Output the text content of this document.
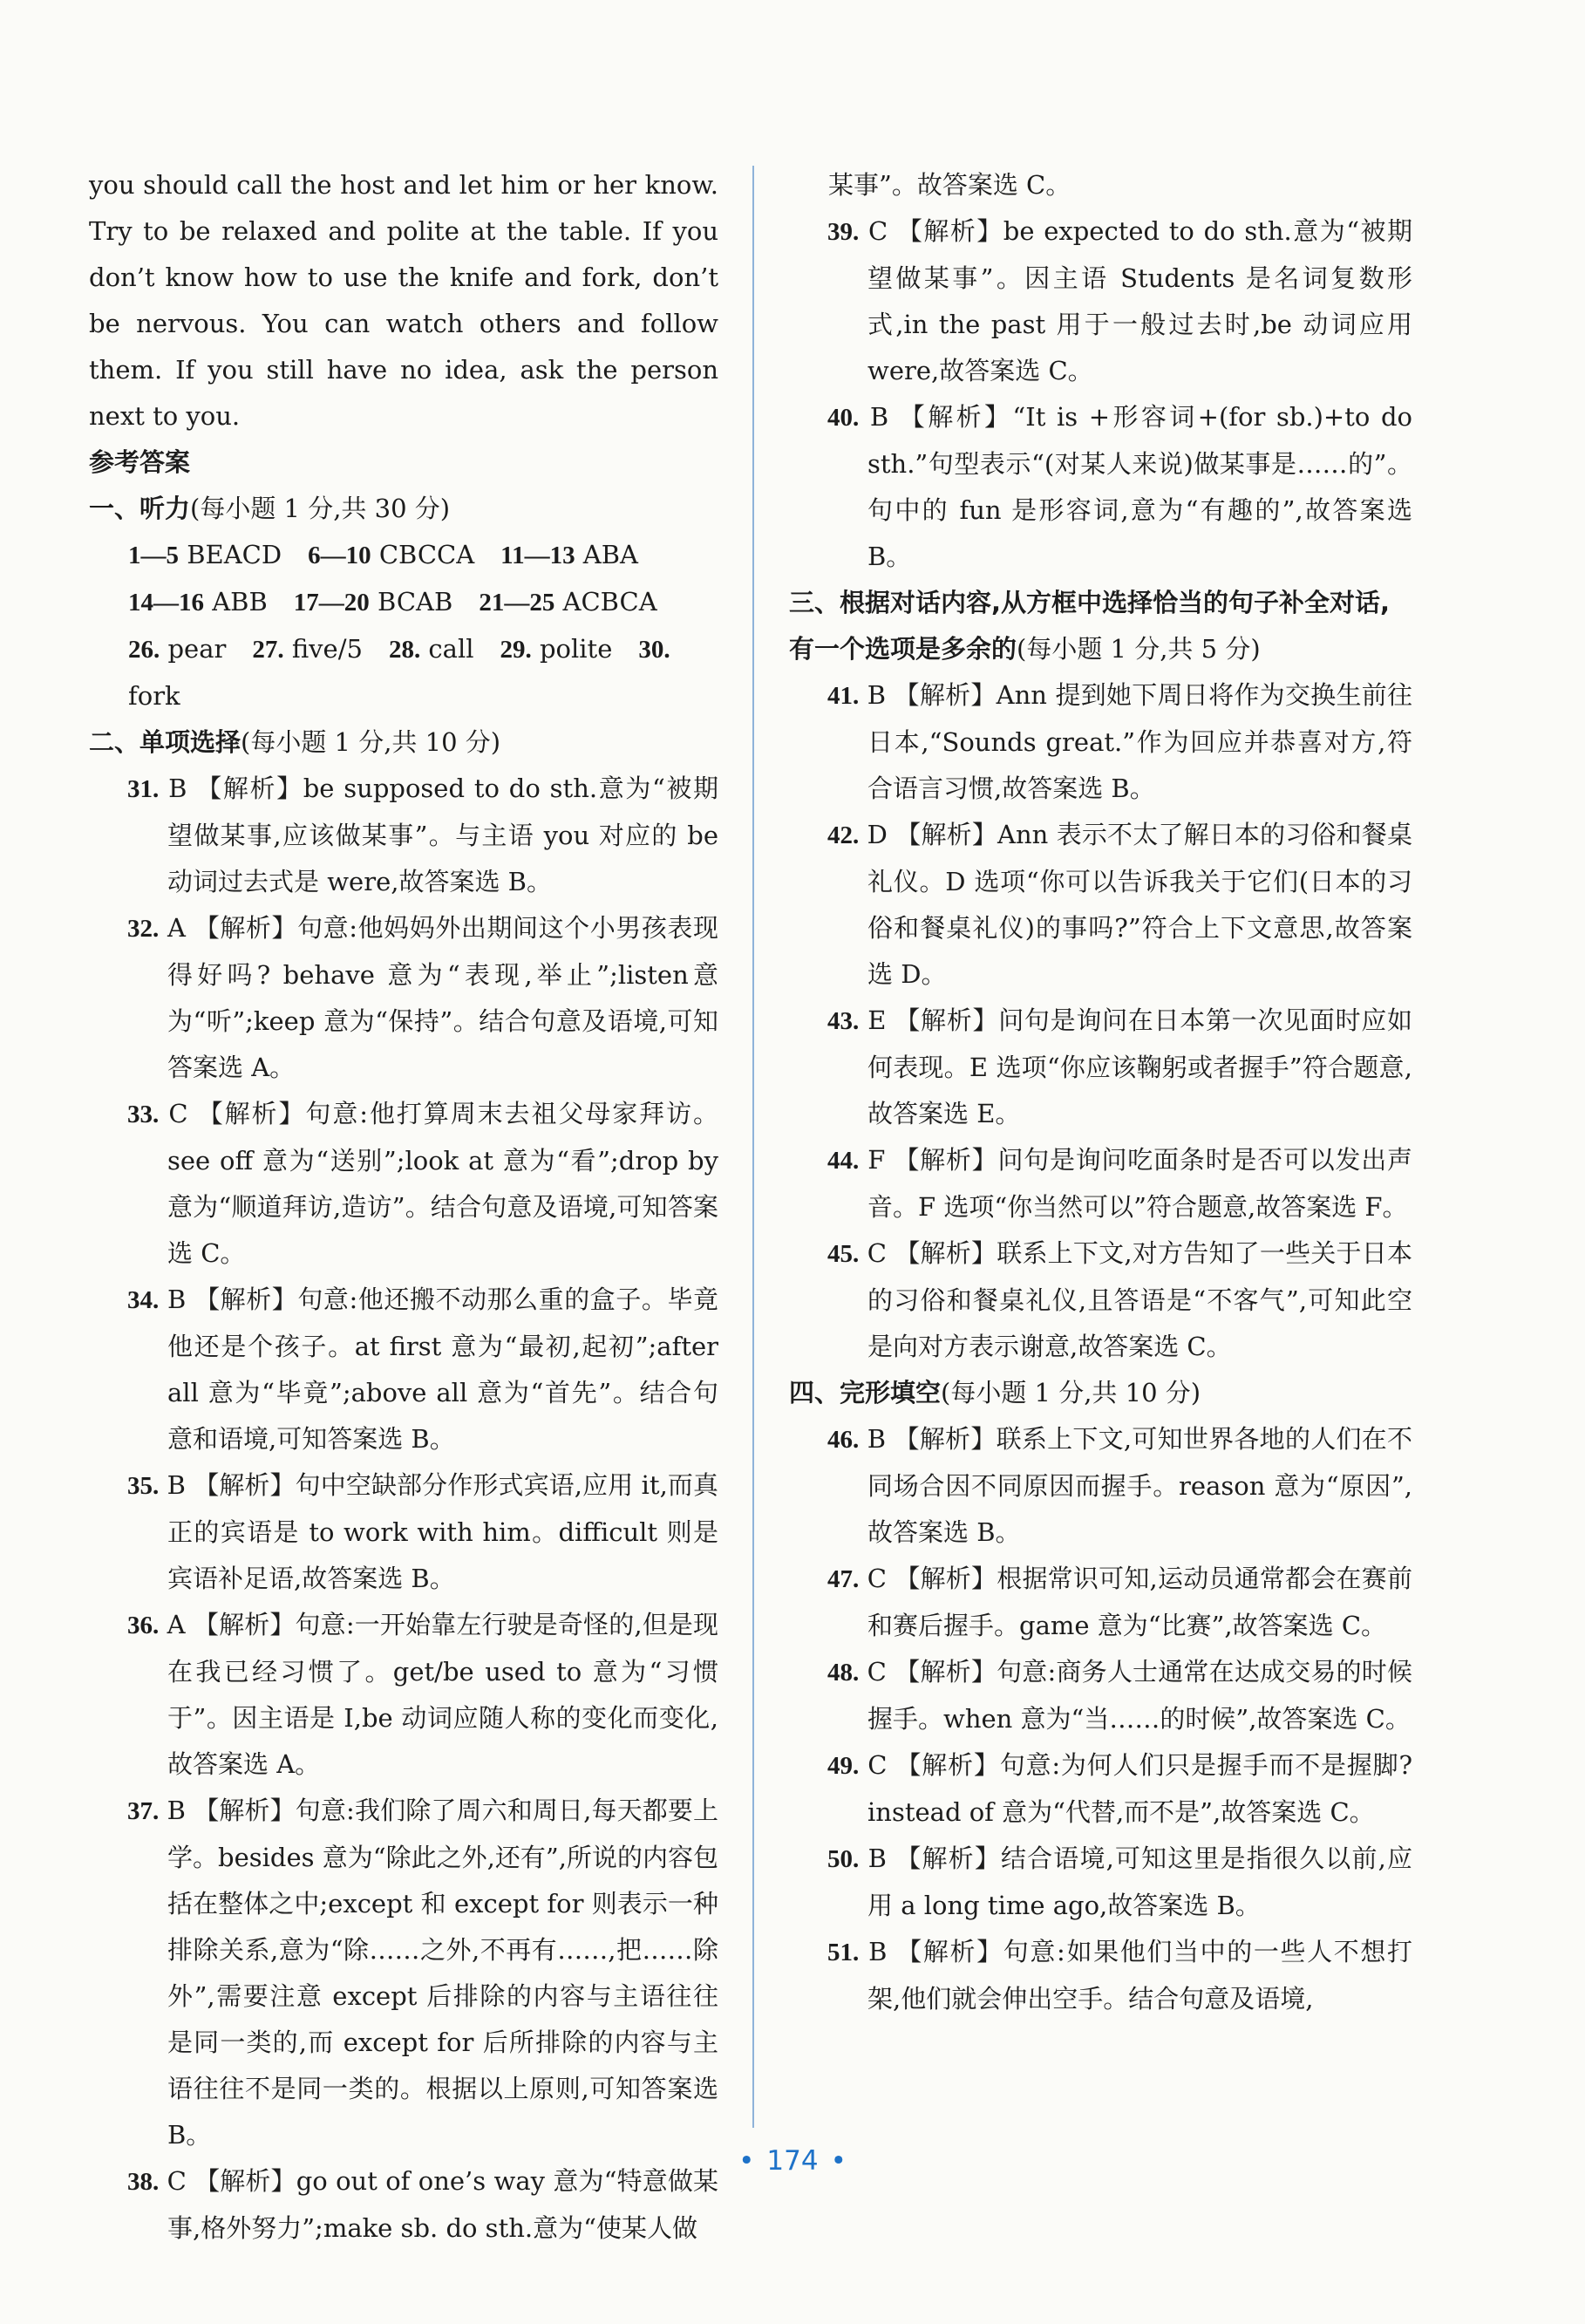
you should call the host and let him or her know. Try to be relaxed and polite at the table. If you don’t know how to use the knife and fork, don’t be nervous. You can watch others and follow them. If you still have no idea, ask the person next to you.

参考答案

一、听力(每小题 1 分,共 30 分)

1—5 BEACD 6—10 CBCCA 11—13 ABA

14—16 ABB 17—20 BCAB 21—25 ACBCA

26. pear 27. five/5 28. call 29. polite 30. fork

二、单项选择(每小题 1 分,共 10 分)

31. B 【解析】be supposed to do sth.意为“被期望做某事,应该做某事”。与主语 you 对应的 be 动词过去式是 were,故答案选 B。

32. A 【解析】句意:他妈妈外出期间这个小男孩表现得好吗? behave 意为“表现,举止”;listen意为“听”;keep 意为“保持”。结合句意及语境,可知答案选 A。

33. C 【解析】句意:他打算周末去祖父母家拜访。see off 意为“送别”;look at 意为“看”;drop by 意为“顺道拜访,造访”。结合句意及语境,可知答案选 C。

34. B 【解析】句意:他还搬不动那么重的盒子。毕竟他还是个孩子。at first 意为“最初,起初”;after all 意为“毕竟”;above all 意为“首先”。结合句意和语境,可知答案选 B。

35. B 【解析】句中空缺部分作形式宾语,应用 it,而真正的宾语是 to work with him。difficult 则是宾语补足语,故答案选 B。

36. A 【解析】句意:一开始靠左行驶是奇怪的,但是现在我已经习惯了。get/be used to 意为“习惯于”。因主语是 I,be 动词应随人称的变化而变化,故答案选 A。

37. B 【解析】句意:我们除了周六和周日,每天都要上学。besides 意为“除此之外,还有”,所说的内容包括在整体之中;except 和 except for 则表示一种排除关系,意为“除……之外,不再有……,把……除外”,需要注意 except 后排除的内容与主语往往是同一类的,而 except for 后所排除的内容与主语往往不是同一类的。根据以上原则,可知答案选 B。

38. C 【解析】go out of one’s way 意为“特意做某事,格外努力”;make sb. do sth.意为“使某人做

某事”。故答案选 C。

39. C 【解析】be expected to do sth.意为“被期望做某事”。因主语 Students 是名词复数形式,in the past 用于一般过去时,be 动词应用 were,故答案选 C。

40. B 【解析】“It is +形容词+(for sb.)+to do sth.”句型表示“(对某人来说)做某事是……的”。句中的 fun 是形容词,意为“有趣的”,故答案选 B。

三、根据对话内容,从方框中选择恰当的句子补全对话,有一个选项是多余的(每小题 1 分,共 5 分)

41. B 【解析】Ann 提到她下周日将作为交换生前往日本,“Sounds great.”作为回应并恭喜对方,符合语言习惯,故答案选 B。

42. D 【解析】Ann 表示不太了解日本的习俗和餐桌礼仪。D 选项“你可以告诉我关于它们(日本的习俗和餐桌礼仪)的事吗?”符合上下文意思,故答案选 D。

43. E 【解析】问句是询问在日本第一次见面时应如何表现。E 选项“你应该鞠躬或者握手”符合题意,故答案选 E。

44. F 【解析】问句是询问吃面条时是否可以发出声音。F 选项“你当然可以”符合题意,故答案选 F。

45. C 【解析】联系上下文,对方告知了一些关于日本的习俗和餐桌礼仪,且答语是“不客气”,可知此空是向对方表示谢意,故答案选 C。

四、完形填空(每小题 1 分,共 10 分)

46. B 【解析】联系上下文,可知世界各地的人们在不同场合因不同原因而握手。reason 意为“原因”,故答案选 B。

47. C 【解析】根据常识可知,运动员通常都会在赛前和赛后握手。game 意为“比赛”,故答案选 C。

48. C 【解析】句意:商务人士通常在达成交易的时候握手。when 意为“当……的时候”,故答案选 C。

49. C 【解析】句意:为何人们只是握手而不是握脚? instead of 意为“代替,而不是”,故答案选 C。

50. B 【解析】结合语境,可知这里是指很久以前,应用 a long time ago,故答案选 B。

51. B 【解析】句意:如果他们当中的一些人不想打架,他们就会伸出空手。结合句意及语境,

• 174 •
